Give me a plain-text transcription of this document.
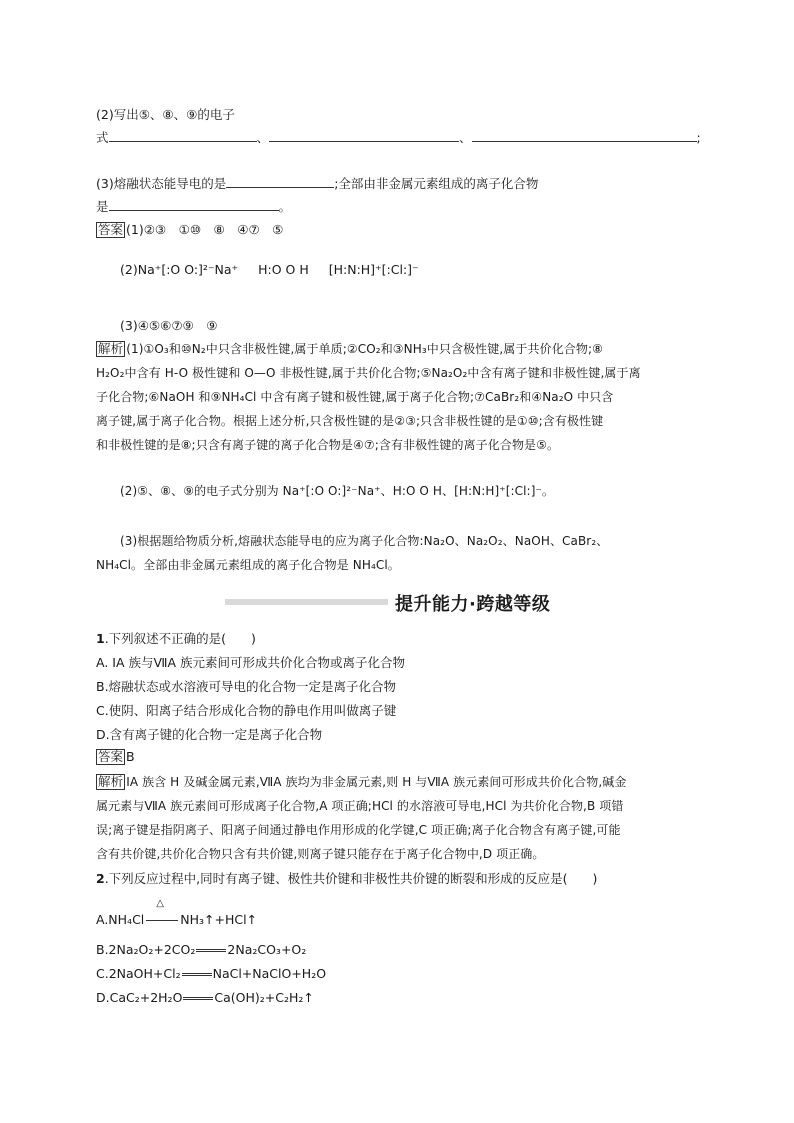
(2)写出⑤、⑧、⑨的电子
式	、	、	;
(3)熔融状态能导电的是	;全部由非金属元素组成的离子化合物
是	。
答案 (1)②③　①⑩　⑧　④⑦　⑤
(2)Na⁺[:O O:]²⁻Na⁺ H:O O H [H:N:H]⁺[:Cl:]⁻
(3)④⑤⑥⑦⑨　⑨
解析 (1)①O₃和⑩N₂中只含非极性键,属于单质;②CO₂和③NH₃中只含极性键,属于共价化合物;⑧
H₂O₂中含有 H-O 极性键和 O—O 非极性键,属于共价化合物;⑤Na₂O₂中含有离子键和非极性键,属于离
子化合物;⑥NaOH 和⑨NH₄Cl 中含有离子键和极性键,属于离子化合物;⑦CaBr₂和④Na₂O 中只含
离子键,属于离子化合物。根据上述分析,只含极性键的是②③;只含非极性键的是①⑩;含有极性键
和非极性键的是⑧;只含有离子键的离子化合物是④⑦;含有非极性键的离子化合物是⑤。
(2)⑤、⑧、⑨的电子式分别为 Na⁺[:O O:]²⁻Na⁺、H:O O H、[H:N:H]⁺[:Cl:]⁻。
(3)根据题给物质分析,熔融状态能导电的应为离子化合物:Na₂O、Na₂O₂、NaOH、CaBr₂、
NH₄Cl。全部由非金属元素组成的离子化合物是 NH₄Cl。
提升能力·跨越等级
1.下列叙述不正确的是(　　)
A. ⅠA 族与ⅦA 族元素间可形成共价化合物或离子化合物
B.熔融状态或水溶液可导电的化合物一定是离子化合物
C.使阴、阳离子结合形成化合物的静电作用叫做离子键
D.含有离子键的化合物一定是离子化合物
答案 B
解析 ⅠA 族含 H 及碱金属元素,ⅦA 族均为非金属元素,则 H 与ⅦA 族元素间可形成共价化合物,碱金
属元素与ⅦA 族元素间可形成离子化合物,A 项正确;HCl 的水溶液可导电,HCl 为共价化合物,B 项错
误;离子键是指阴离子、阳离子间通过静电作用形成的化学键,C 项正确;离子化合物含有离子键,可能
含有共价键,共价化合物只含有共价键,则离子键只能存在于离子化合物中,D 项正确。
2.下列反应过程中,同时有离子键、极性共价键和非极性共价键的断裂和形成的反应是(　　)
A.NH₄Cl
△
NH₃↑+HCl↑
B.2Na₂O₂+2CO₂	2Na₂CO₃+O₂
C.2NaOH+Cl₂	NaCl+NaClO+H₂O
D.CaC₂+2H₂O	Ca(OH)₂+C₂H₂↑
